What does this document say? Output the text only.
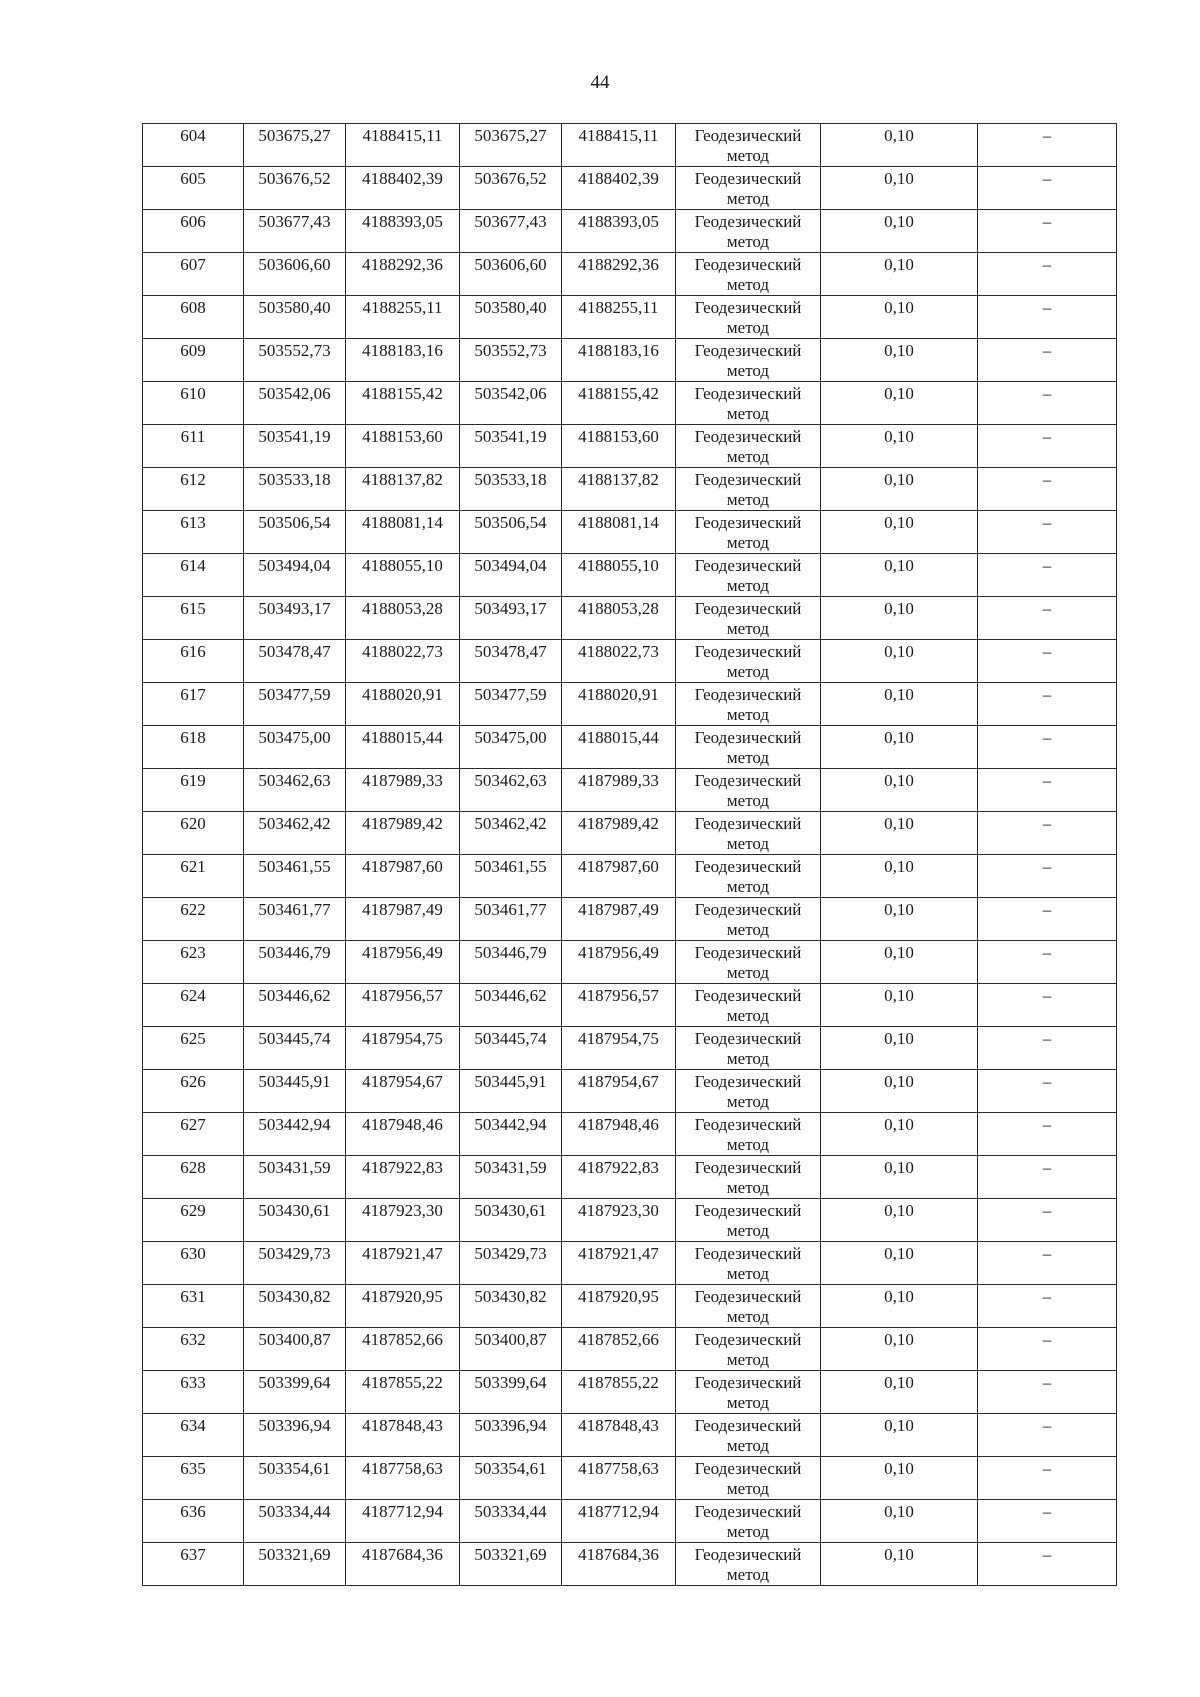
44
604	503675,27	4188415,11	503675,27	4188415,11	Геодезический метод	0,10	–
605	503676,52	4188402,39	503676,52	4188402,39	Геодезический метод	0,10	–
606	503677,43	4188393,05	503677,43	4188393,05	Геодезический метод	0,10	–
607	503606,60	4188292,36	503606,60	4188292,36	Геодезический метод	0,10	–
608	503580,40	4188255,11	503580,40	4188255,11	Геодезический метод	0,10	–
609	503552,73	4188183,16	503552,73	4188183,16	Геодезический метод	0,10	–
610	503542,06	4188155,42	503542,06	4188155,42	Геодезический метод	0,10	–
611	503541,19	4188153,60	503541,19	4188153,60	Геодезический метод	0,10	–
612	503533,18	4188137,82	503533,18	4188137,82	Геодезический метод	0,10	–
613	503506,54	4188081,14	503506,54	4188081,14	Геодезический метод	0,10	–
614	503494,04	4188055,10	503494,04	4188055,10	Геодезический метод	0,10	–
615	503493,17	4188053,28	503493,17	4188053,28	Геодезический метод	0,10	–
616	503478,47	4188022,73	503478,47	4188022,73	Геодезический метод	0,10	–
617	503477,59	4188020,91	503477,59	4188020,91	Геодезический метод	0,10	–
618	503475,00	4188015,44	503475,00	4188015,44	Геодезический метод	0,10	–
619	503462,63	4187989,33	503462,63	4187989,33	Геодезический метод	0,10	–
620	503462,42	4187989,42	503462,42	4187989,42	Геодезический метод	0,10	–
621	503461,55	4187987,60	503461,55	4187987,60	Геодезический метод	0,10	–
622	503461,77	4187987,49	503461,77	4187987,49	Геодезический метод	0,10	–
623	503446,79	4187956,49	503446,79	4187956,49	Геодезический метод	0,10	–
624	503446,62	4187956,57	503446,62	4187956,57	Геодезический метод	0,10	–
625	503445,74	4187954,75	503445,74	4187954,75	Геодезический метод	0,10	–
626	503445,91	4187954,67	503445,91	4187954,67	Геодезический метод	0,10	–
627	503442,94	4187948,46	503442,94	4187948,46	Геодезический метод	0,10	–
628	503431,59	4187922,83	503431,59	4187922,83	Геодезический метод	0,10	–
629	503430,61	4187923,30	503430,61	4187923,30	Геодезический метод	0,10	–
630	503429,73	4187921,47	503429,73	4187921,47	Геодезический метод	0,10	–
631	503430,82	4187920,95	503430,82	4187920,95	Геодезический метод	0,10	–
632	503400,87	4187852,66	503400,87	4187852,66	Геодезический метод	0,10	–
633	503399,64	4187855,22	503399,64	4187855,22	Геодезический метод	0,10	–
634	503396,94	4187848,43	503396,94	4187848,43	Геодезический метод	0,10	–
635	503354,61	4187758,63	503354,61	4187758,63	Геодезический метод	0,10	–
636	503334,44	4187712,94	503334,44	4187712,94	Геодезический метод	0,10	–
637	503321,69	4187684,36	503321,69	4187684,36	Геодезический метод	0,10	–
